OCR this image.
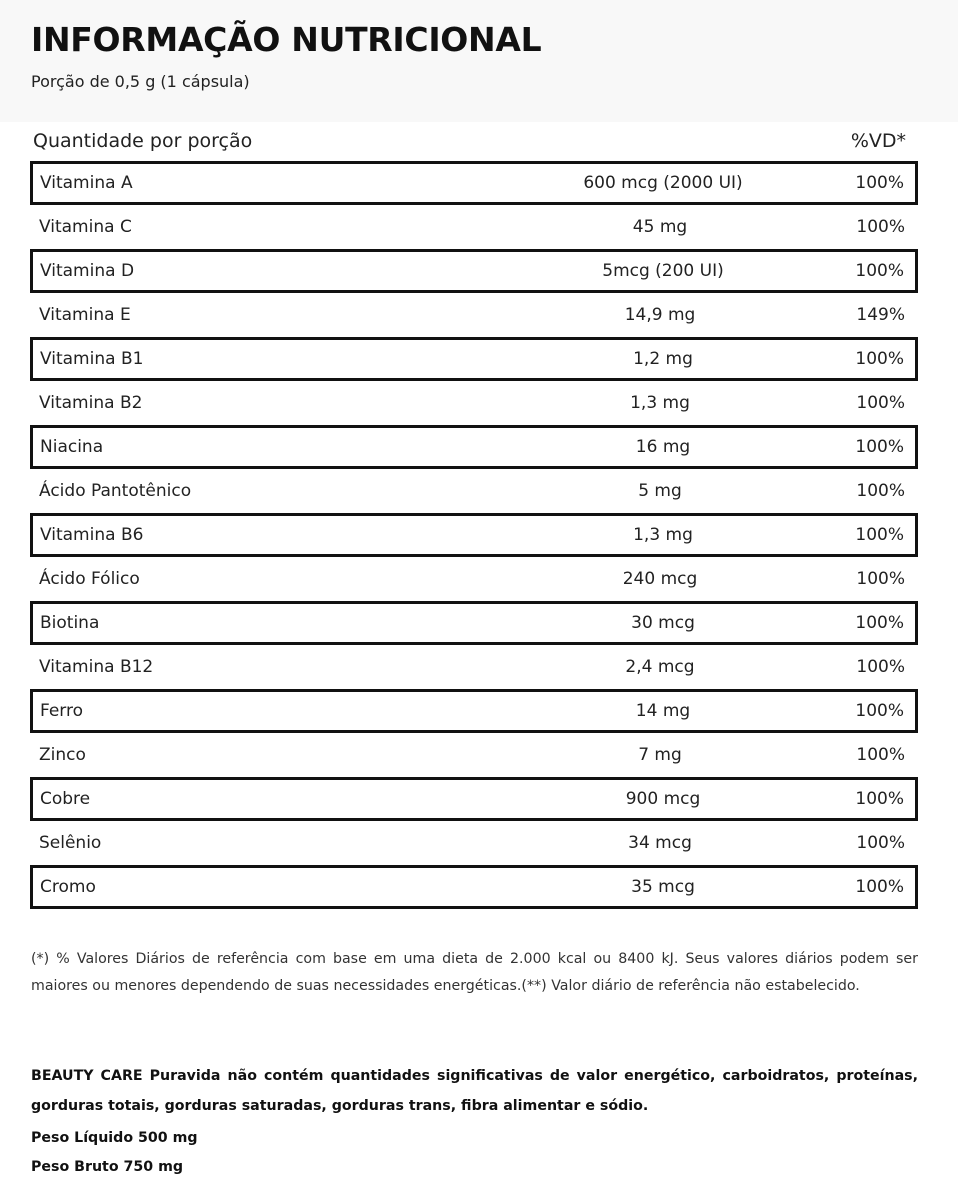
INFORMAÇÃO NUTRICIONAL
Porção de 0,5 g (1 cápsula)
Quantidade por porção	%VD*
Vitamina A	600 mcg (2000 UI)	100%
Vitamina C	45 mg	100%
Vitamina D	5mcg (200 UI)	100%
Vitamina E	14,9 mg	149%
Vitamina B1	1,2 mg	100%
Vitamina B2	1,3 mg	100%
Niacina	16 mg	100%
Ácido Pantotênico	5 mg	100%
Vitamina B6	1,3 mg	100%
Ácido Fólico	240 mcg	100%
Biotina	30 mcg	100%
Vitamina B12	2,4 mcg	100%
Ferro	14 mg	100%
Zinco	7 mg	100%
Cobre	900 mcg	100%
Selênio	34 mcg	100%
Cromo	35 mcg	100%

(*) % Valores Diários de referência com base em uma dieta de 2.000 kcal ou 8400 kJ. Seus valores diários podem ser maiores ou menores dependendo de suas necessidades energéticas.(**) Valor diário de referência não estabelecido.

BEAUTY CARE Puravida não contém quantidades significativas de valor energético, carboidratos, proteínas, gorduras totais, gorduras saturadas, gorduras trans, fibra alimentar e sódio.

Peso Líquido 500 mg
Peso Bruto 750 mg
